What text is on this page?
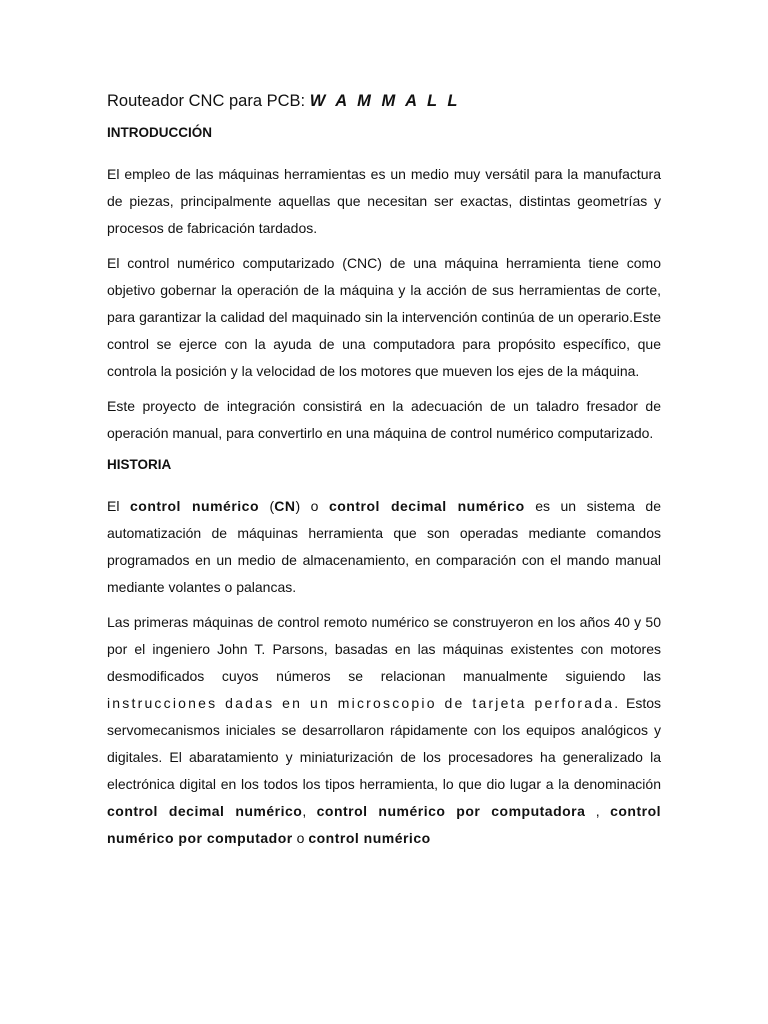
Routeador CNC para PCB: W A M M A L L
INTRODUCCIÓN

El empleo de las máquinas herramientas es un medio muy versátil para la manufactura de piezas, principalmente aquellas que necesitan ser exactas, distintas geometrías y procesos de fabricación tardados.

El control numérico computarizado (CNC) de una máquina herramienta tiene como objetivo gobernar la operación de la máquina y la acción de sus herramientas de corte, para garantizar la calidad del maquinado sin la intervención continúa de un operario.Este control se ejerce con la ayuda de una computadora para propósito específico, que controla la posición y la velocidad de los motores que mueven los ejes de la máquina.

Este proyecto de integración consistirá en la adecuación de un taladro fresador de operación manual, para convertirlo en una máquina de control numérico computarizado.

HISTORIA

El control numérico (CN) o control decimal numérico es un sistema de automatización de máquinas herramienta que son operadas mediante comandos programados en un medio de almacenamiento, en comparación con el mando manual mediante volantes o palancas.

Las primeras máquinas de control remoto numérico se construyeron en los años 40 y 50 por el ingeniero John T. Parsons, basadas en las máquinas existentes con motores desmodificados cuyos números se relacionan manualmente siguiendo las instrucciones dadas en un microscopio de tarjeta perforada. Estos servomecanismos iniciales se desarrollaron rápidamente con los equipos analógicos y digitales. El abaratamiento y miniaturización de los procesadores ha generalizado la electrónica digital en los todos los tipos herramienta, lo que dio lugar a la denominación control decimal numérico, control numérico por computadora , control numérico por computador o control numérico
